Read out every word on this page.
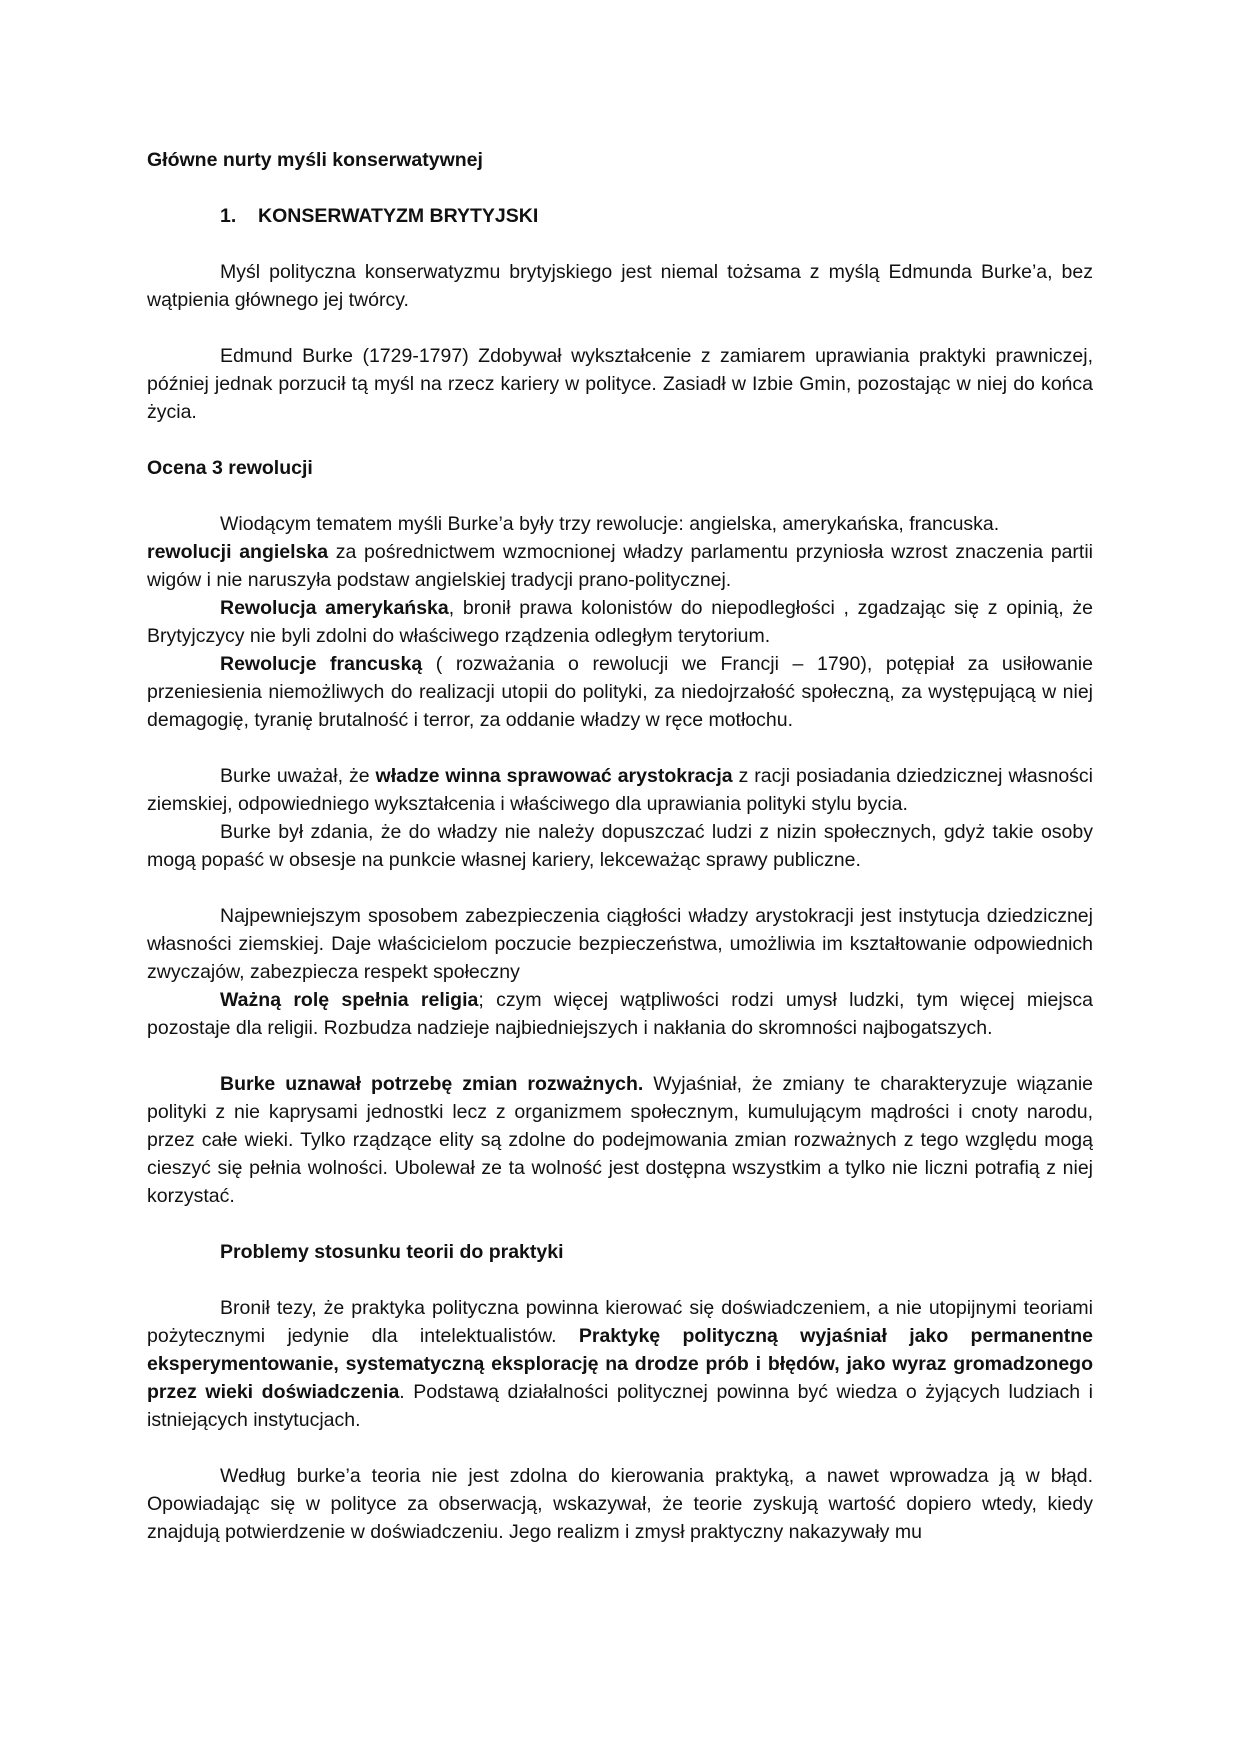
Główne nurty myśli konserwatywnej

1. KONSERWATYZM BRYTYJSKI

Myśl polityczna konserwatyzmu brytyjskiego jest niemal tożsama z myślą Edmunda Burke’a, bez wątpienia głównego jej twórcy.

Edmund Burke (1729-1797) Zdobywał wykształcenie z zamiarem uprawiania praktyki prawniczej, później jednak porzucił tą myśl na rzecz kariery w polityce. Zasiadł w Izbie Gmin, pozostając w niej do końca życia.

Ocena 3 rewolucji

Wiodącym tematem myśli Burke’a były trzy rewolucje: angielska, amerykańska, francuska.

rewolucji angielska za pośrednictwem wzmocnionej władzy parlamentu przyniosła wzrost znaczenia partii wigów i nie naruszyła podstaw angielskiej tradycji prano-politycznej.

Rewolucja amerykańska, bronił prawa kolonistów do niepodległości , zgadzając się z opinią, że Brytyjczycy nie byli zdolni do właściwego rządzenia odległym terytorium.

Rewolucje francuską ( rozważania o rewolucji we Francji – 1790), potępiał za usiłowanie przeniesienia niemożliwych do realizacji utopii do polityki, za niedojrzałość społeczną, za występującą w niej demagogię, tyranię brutalność i terror, za oddanie władzy w ręce motłochu.

Burke uważał, że władze winna sprawować arystokracja z racji posiadania dziedzicznej własności ziemskiej, odpowiedniego wykształcenia i właściwego dla uprawiania polityki stylu bycia.

Burke był zdania, że do władzy nie należy dopuszczać ludzi z nizin społecznych, gdyż takie osoby mogą popaść w obsesje na punkcie własnej kariery, lekceważąc sprawy publiczne.

Najpewniejszym sposobem zabezpieczenia ciągłości władzy arystokracji jest instytucja dziedzicznej własności ziemskiej. Daje właścicielom poczucie bezpieczeństwa, umożliwia im kształtowanie odpowiednich zwyczajów, zabezpiecza respekt społeczny

Ważną rolę spełnia religia; czym więcej wątpliwości rodzi umysł ludzki, tym więcej miejsca pozostaje dla religii. Rozbudza nadzieje najbiedniejszych i nakłania do skromności najbogatszych.

Burke uznawał potrzebę zmian rozważnych. Wyjaśniał, że zmiany te charakteryzuje wiązanie polityki z nie kaprysami jednostki lecz z organizmem społecznym, kumulującym mądrości i cnoty narodu, przez całe wieki. Tylko rządzące elity są zdolne do podejmowania zmian rozważnych z tego względu mogą cieszyć się pełnia wolności. Ubolewał ze ta wolność jest dostępna wszystkim a tylko nie liczni potrafią z niej korzystać.

Problemy stosunku teorii do praktyki

Bronił tezy, że praktyka polityczna powinna kierować się doświadczeniem, a nie utopijnymi teoriami pożytecznymi jedynie dla intelektualistów. Praktykę polityczną wyjaśniał jako permanentne eksperymentowanie, systematyczną eksplorację na drodze prób i błędów, jako wyraz gromadzonego przez wieki doświadczenia. Podstawą działalności politycznej powinna być wiedza o żyjących ludziach i istniejących instytucjach.

Według burke’a teoria nie jest zdolna do kierowania praktyką, a nawet wprowadza ją w błąd. Opowiadając się w polityce za obserwacją, wskazywał, że teorie zyskują wartość dopiero wtedy, kiedy znajdują potwierdzenie w doświadczeniu. Jego realizm i zmysł praktyczny nakazywały mu
